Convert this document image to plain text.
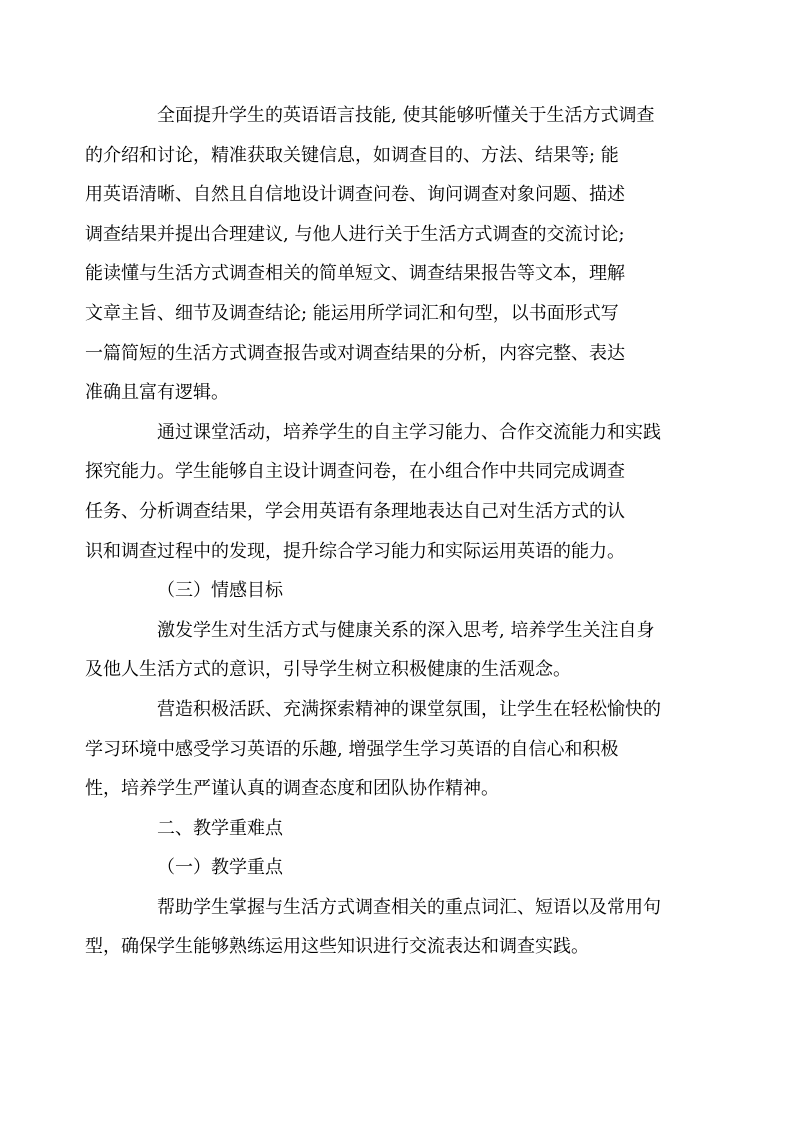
全面提升学生的英语语言技能, 使其能够听懂关于生活方式调查
的介绍和讨论，精准获取关键信息，如调查目的、方法、结果等; 能
用英语清晰、自然且自信地设计调查问卷、询问调查对象问题、描述
调查结果并提出合理建议, 与他人进行关于生活方式调查的交流讨论;
能读懂与生活方式调查相关的简单短文、调查结果报告等文本，理解
文章主旨、细节及调查结论; 能运用所学词汇和句型，以书面形式写
一篇简短的生活方式调查报告或对调查结果的分析，内容完整、表达
准确且富有逻辑。

通过课堂活动，培养学生的自主学习能力、合作交流能力和实践
探究能力。学生能够自主设计调查问卷，在小组合作中共同完成调查
任务、分析调查结果，学会用英语有条理地表达自己对生活方式的认
识和调查过程中的发现，提升综合学习能力和实际运用英语的能力。

（三）情感目标

激发学生对生活方式与健康关系的深入思考, 培养学生关注自身
及他人生活方式的意识，引导学生树立积极健康的生活观念。

营造积极活跃、充满探索精神的课堂氛围，让学生在轻松愉快的
学习环境中感受学习英语的乐趣, 增强学生学习英语的自信心和积极
性，培养学生严谨认真的调查态度和团队协作精神。

二、教学重难点

（一）教学重点

帮助学生掌握与生活方式调查相关的重点词汇、短语以及常用句
型，确保学生能够熟练运用这些知识进行交流表达和调查实践。
